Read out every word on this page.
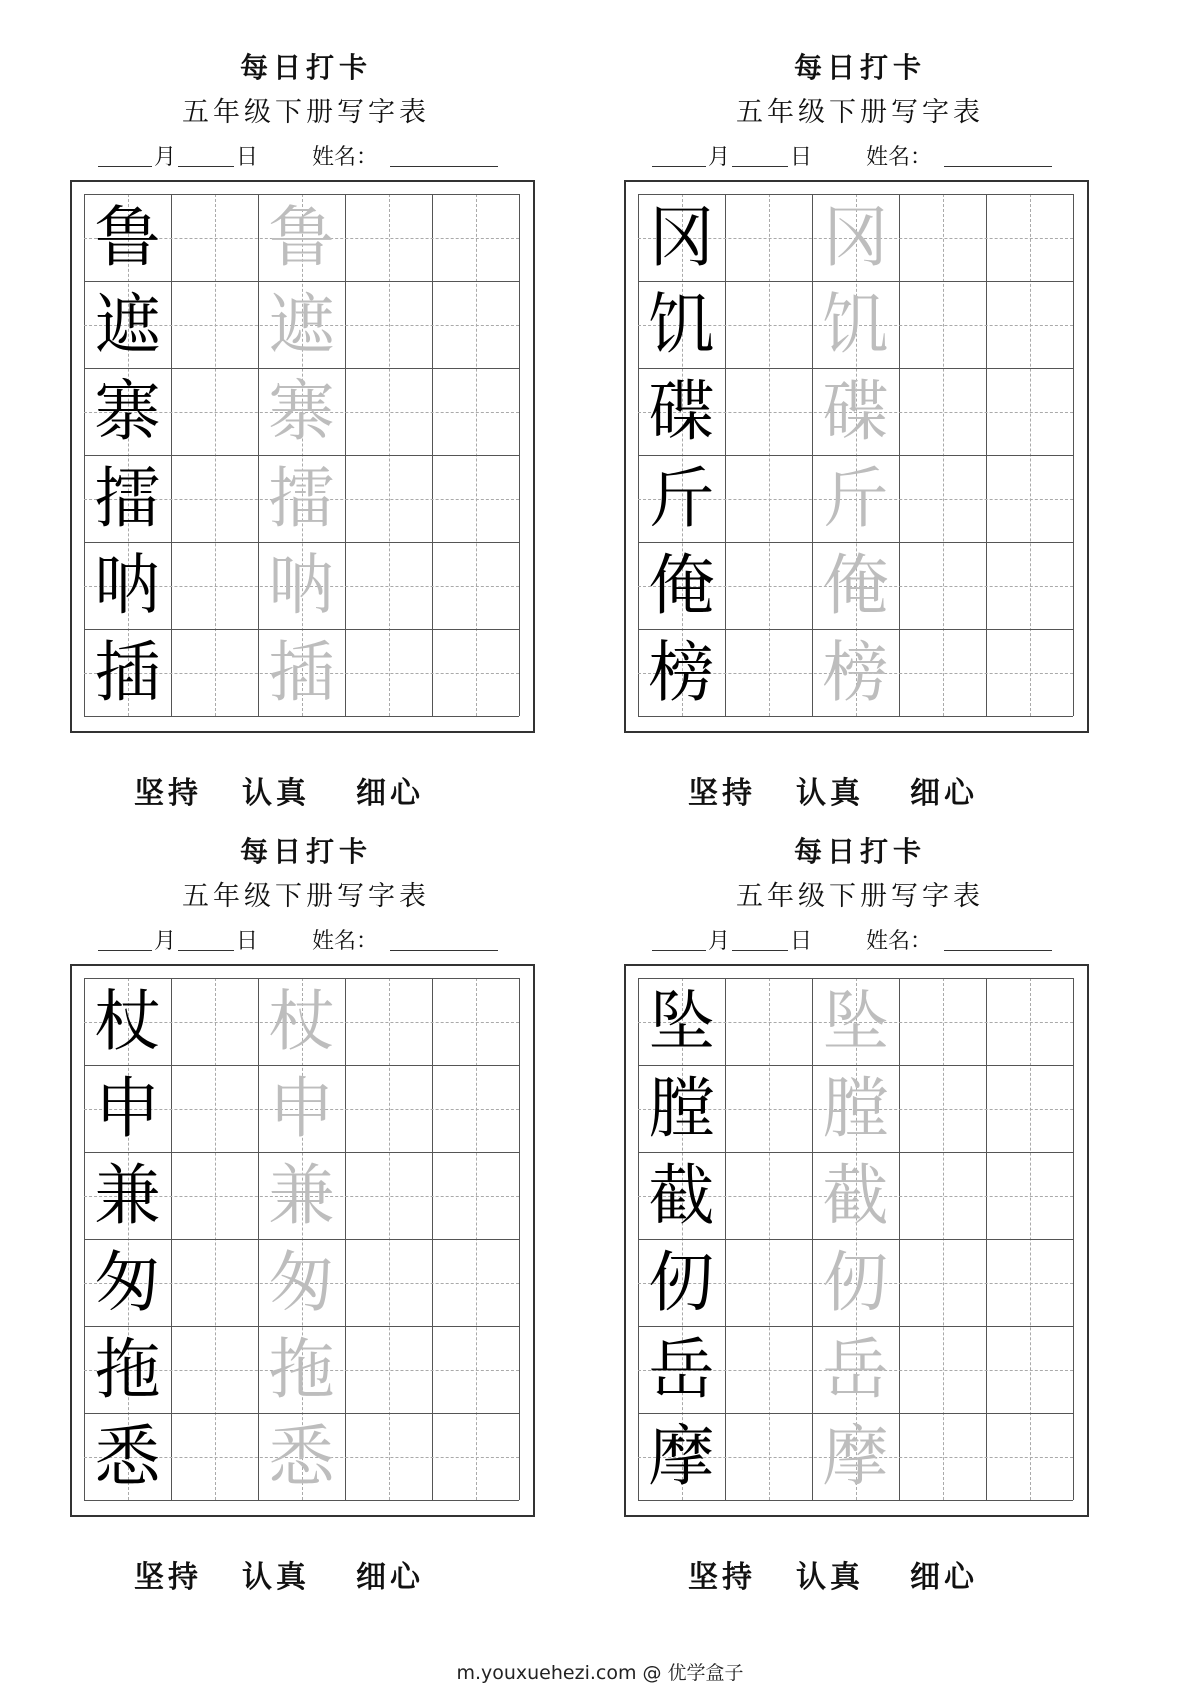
每日打卡
五年级下册写字表
月	日 姓名：
鲁 鲁
遮 遮
寨 寨
擂 擂
呐 呐
插 插
坚持 认真 细心
每日打卡
五年级下册写字表
月	日 姓名：
冈 冈
饥 饥
碟 碟
斤 斤
俺 俺
榜 榜
坚持 认真 细心
每日打卡
五年级下册写字表
月	日 姓名：
杖 杖
申 申
兼 兼
匆 匆
拖 拖
悉 悉
坚持 认真 细心
每日打卡
五年级下册写字表
月	日 姓名：
坠 坠
膛 膛
截 截
仞 仞
岳 岳
摩 摩
坚持 认真 细心
m.youxuehezi.com @ 优学盒子
